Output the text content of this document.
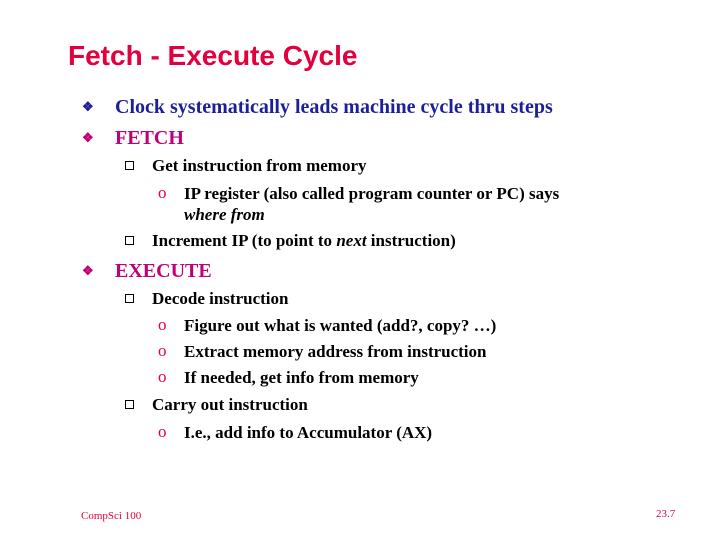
Fetch - Execute Cycle
❖ Clock systematically leads machine cycle thru steps
❖ FETCH
Get instruction from memory
o IP register (also called program counter or PC) says
where from
Increment IP (to point to next instruction)
❖ EXECUTE
Decode instruction
o Figure out what is wanted (add?, copy? …)
o Extract memory address from instruction
o If needed, get info from memory
Carry out instruction
o I.e., add info to Accumulator (AX)
CompSci 100	23.7
